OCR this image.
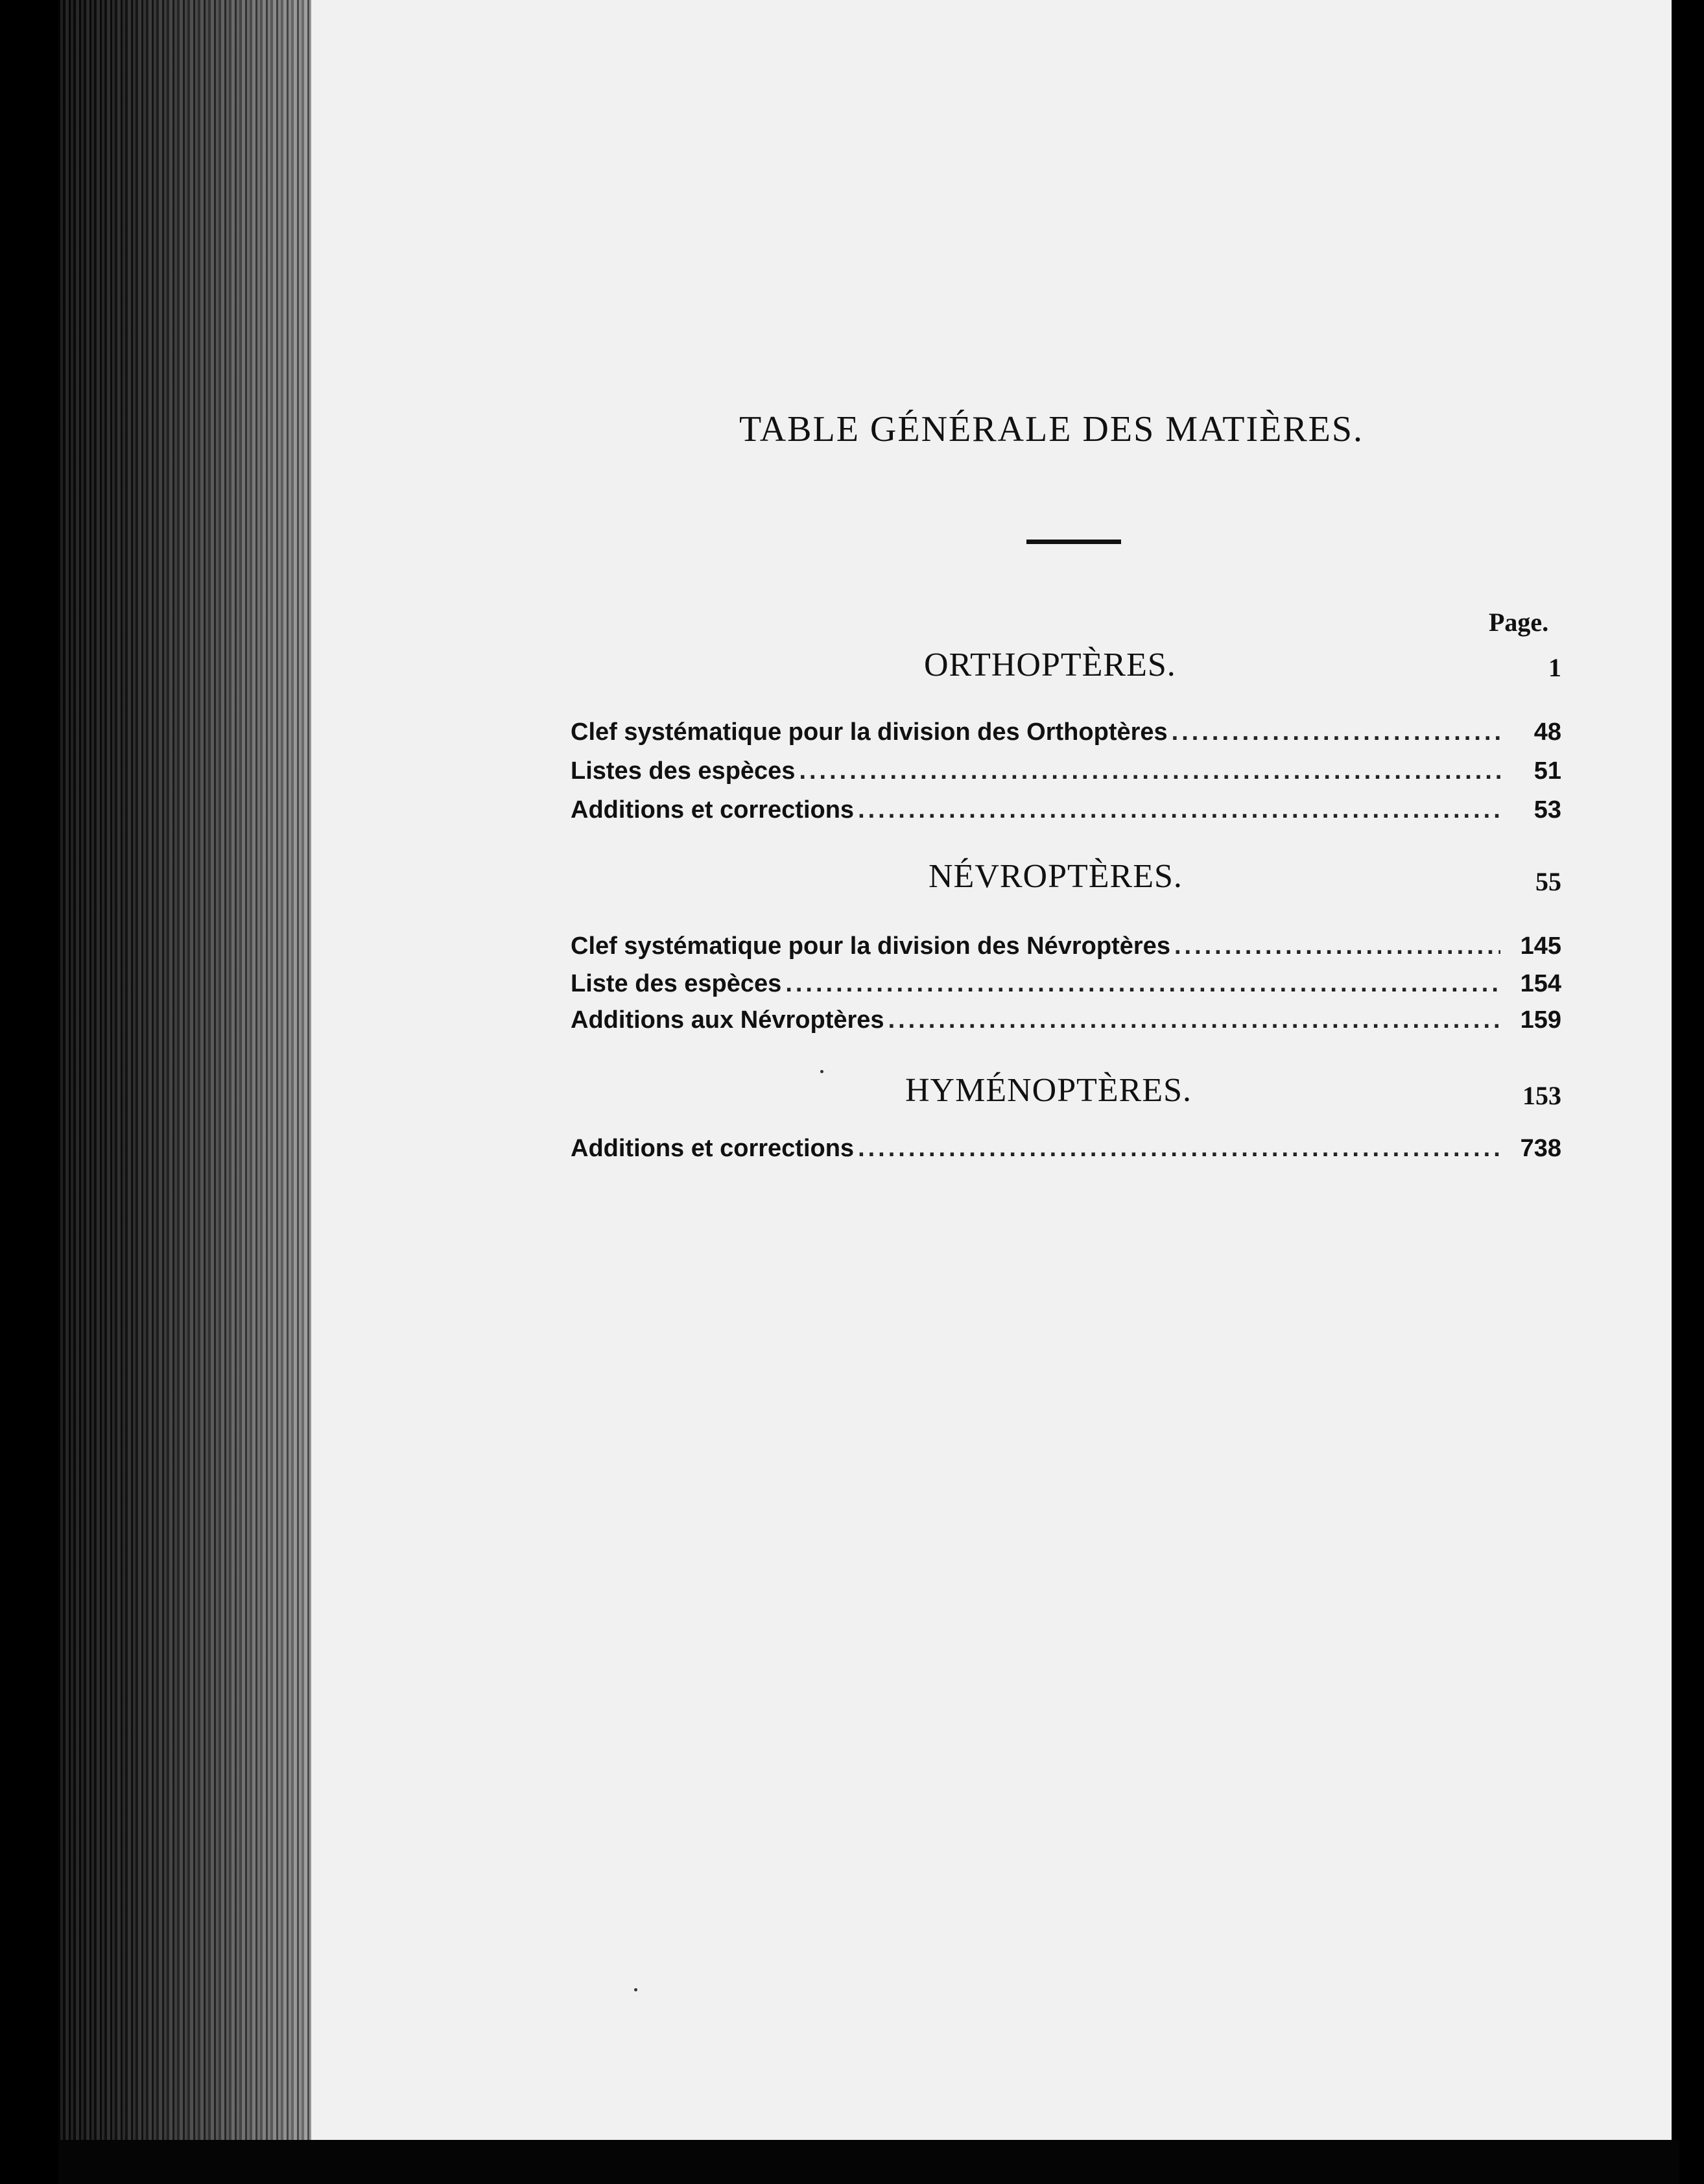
TABLE GÉNÉRALE DES MATIÈRES.
Page.
ORTHOPTÈRES.	1
Clef systématique pour la division des Orthoptères .....	48
Listes des espèces .....	51
Additions et corrections .....	53
NÉVROPTÈRES.	55
Clef systématique pour la division des Névroptères .....	145
Liste des espèces .....	154
Additions aux Névroptères .....	159
HYMÉNOPTÈRES.	153
Additions et corrections .....	738
